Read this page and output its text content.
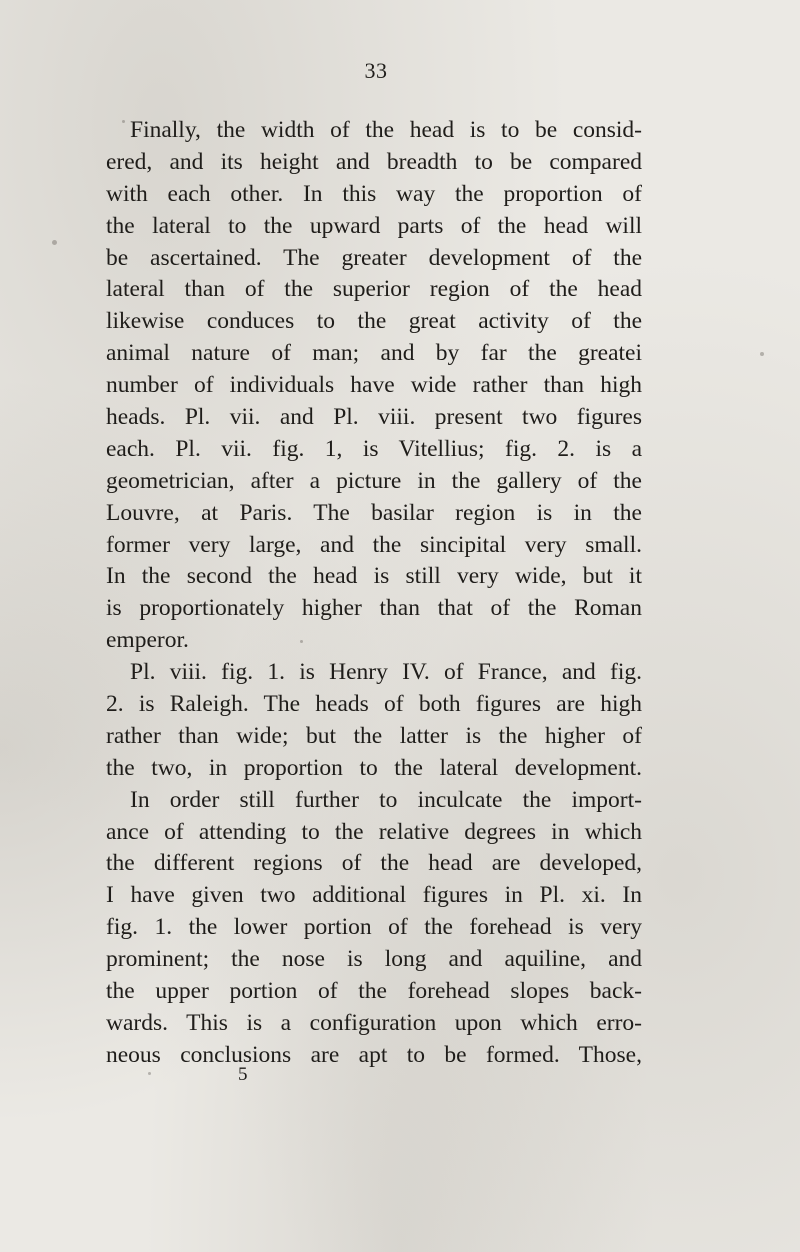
33
Finally, the width of the head is to be consid-
ered, and its height and breadth to be compared
with each other. In this way the proportion of
the lateral to the upward parts of the head will
be ascertained. The greater development of the
lateral than of the superior region of the head
likewise conduces to the great activity of the
animal nature of man; and by far the greatei
number of individuals have wide rather than high
heads. Pl. vii. and Pl. viii. present two figures
each. Pl. vii. fig. 1, is Vitellius; fig. 2. is a
geometrician, after a picture in the gallery of the
Louvre, at Paris. The basilar region is in the
former very large, and the sincipital very small.
In the second the head is still very wide, but it
is proportionately higher than that of the Roman
emperor.
Pl. viii. fig. 1. is Henry IV. of France, and fig.
2. is Raleigh. The heads of both figures are high
rather than wide; but the latter is the higher of
the two, in proportion to the lateral development.
In order still further to inculcate the import-
ance of attending to the relative degrees in which
the different regions of the head are developed,
I have given two additional figures in Pl. xi. In
fig. 1. the lower portion of the forehead is very
prominent; the nose is long and aquiline, and
the upper portion of the forehead slopes back-
wards. This is a configuration upon which erro-
neous conclusions are apt to be formed. Those,
5
